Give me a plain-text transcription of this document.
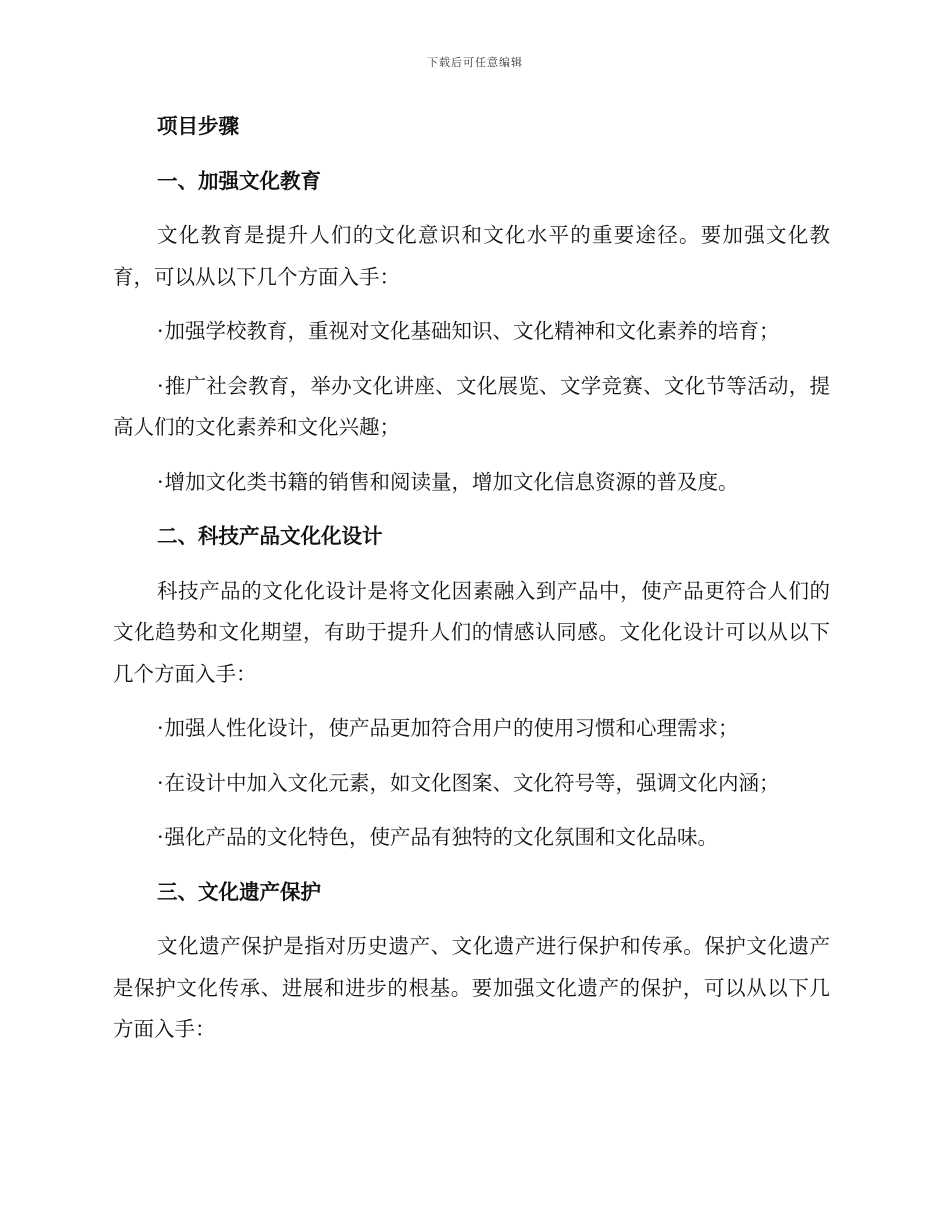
下载后可任意编辑

项目步骤

一、加强文化教育

文化教育是提升人们的文化意识和文化水平的重要途径。要加强文化教育，可以从以下几个方面入手：

·加强学校教育，重视对文化基础知识、文化精神和文化素养的培育；

·推广社会教育，举办文化讲座、文化展览、文学竞赛、文化节等活动，提高人们的文化素养和文化兴趣；

·增加文化类书籍的销售和阅读量，增加文化信息资源的普及度。

二、科技产品文化化设计

科技产品的文化化设计是将文化因素融入到产品中，使产品更符合人们的文化趋势和文化期望，有助于提升人们的情感认同感。文化化设计可以从以下几个方面入手：

·加强人性化设计，使产品更加符合用户的使用习惯和心理需求；

·在设计中加入文化元素，如文化图案、文化符号等，强调文化内涵；

·强化产品的文化特色，使产品有独特的文化氛围和文化品味。

三、文化遗产保护

文化遗产保护是指对历史遗产、文化遗产进行保护和传承。保护文化遗产是保护文化传承、进展和进步的根基。要加强文化遗产的保护，可以从以下几方面入手：
